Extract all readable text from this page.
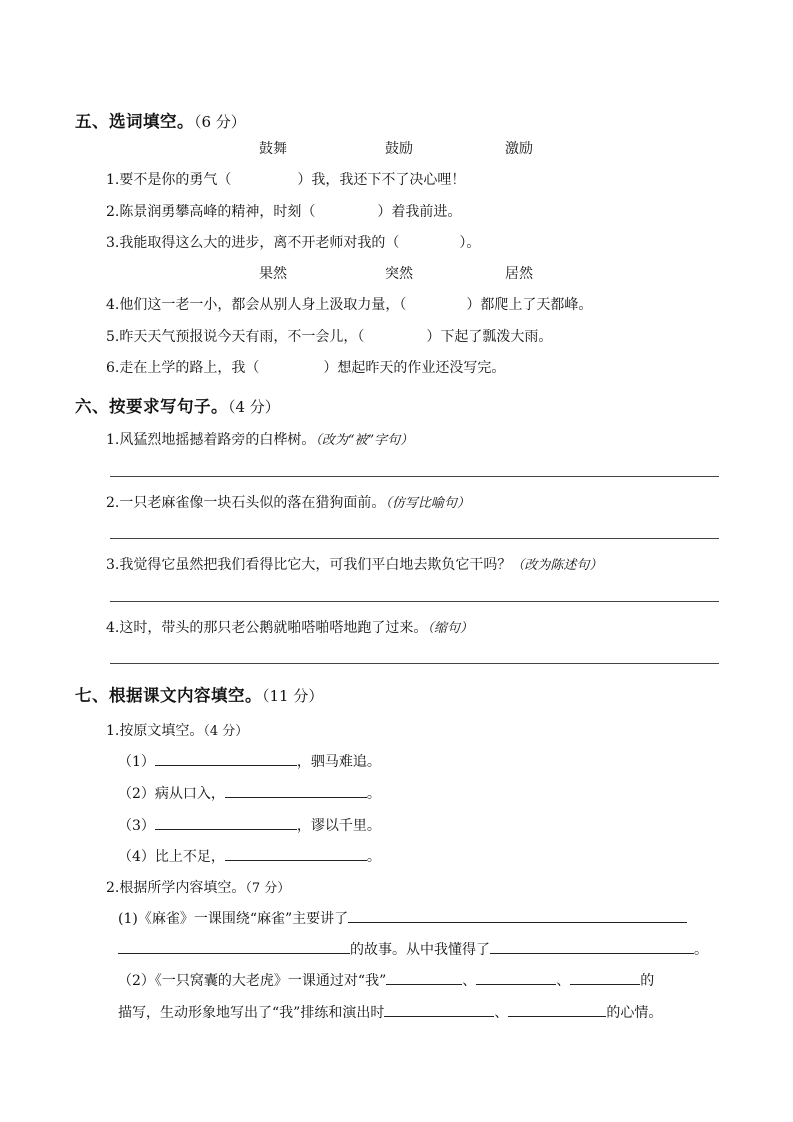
五、选词填空。（6 分）
鼓舞	鼓励	激励
1.要不是你的勇气（	）我，我还下不了决心哩！
2.陈景润勇攀高峰的精神，时刻（	）着我前进。
3.我能取得这么大的进步，离不开老师对我的（	）。
果然	突然	居然
4.他们这一老一小，都会从别人身上汲取力量，（	）都爬上了天都峰。
5.昨天天气预报说今天有雨，不一会儿，（	）下起了瓢泼大雨。
6.走在上学的路上，我（	）想起昨天的作业还没写完。
六、按要求写句子。（4 分）
1.风猛烈地摇撼着路旁的白桦树。（改为“被”字句）
2.一只老麻雀像一块石头似的落在猎狗面前。（仿写比喻句）
3.我觉得它虽然把我们看得比它大，可我们平白地去欺负它干吗？（改为陈述句）
4.这时，带头的那只老公鹅就啪嗒啪嗒地跑了过来。（缩句）
七、根据课文内容填空。（11 分）
1.按原文填空。（4 分）
（1）	，驷马难追。
（2）病从口入，	。
（3）	，谬以千里。
（4）比上不足，	。
2.根据所学内容填空。（7 分）
(1)《麻雀》一课围绕“麻雀”主要讲了
的故事。从中我懂得了	。
（2）《一只窝囊的大老虎》一课通过对“我”	、	、	的
描写，生动形象地写出了“我”排练和演出时	、	的心情。
